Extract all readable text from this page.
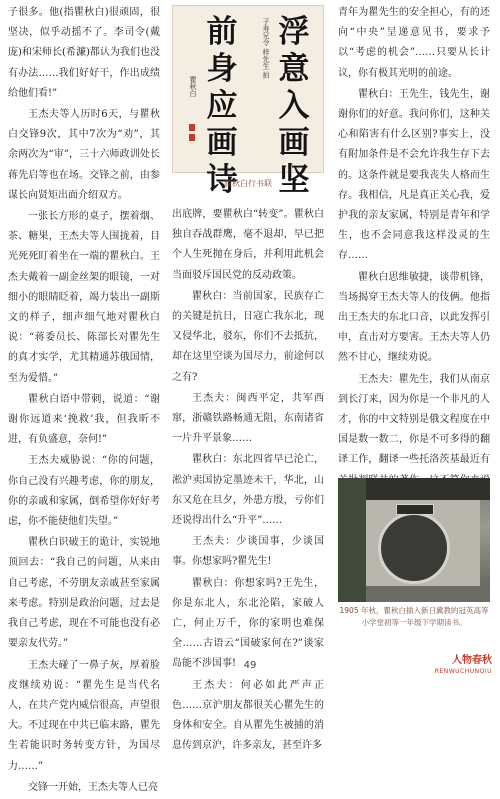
子很多。他(指瞿秋白)很顽固，很坚决，似乎动摇不了。李司令(戴庞)和宋师长(希濂)都认为我们也没有办法……我们好好干，作出成绩给他们看!”

王杰夫等人历时6天，与瞿秋白交锋9次，其中7次为“劝”，其余两次为“审”，三十六师政训处长蒋先启等也在场。交锋之前，由参谋长向贤矩出面介绍双方。

一张长方形的桌子，摆着烟、茶、糖果，王杰夫等人围拢着，目光死死盯着坐在一端的瞿秋白。王杰夫戴着一副金丝架的眼镜，一对细小的眼睛眨着，竭力装出一副斯文的样子，细声细气地对瞿秋白说：“蒋委员长、陈部长对瞿先生的真才实学，尤其精通苏俄国情，至为爱惜。”

瞿秋白语中带刺，说道：“谢谢你远道来‘挽救’我，但我昕不进，有负盛意，奈何!”

王杰夫威胁说：“你的问题，你自己没有兴趣考虑，你的朋友，你的亲戚和家属，倒希望你好好考虑，你不能使他们失望。”

瞿秋白识破王的诡计，实锐地顶回去：“我自己的问题，从来由自己考虑，不劳朋友亲戚甚至家属来考虑。特别是政治问题，过去是我自己考虑，现在不可能也没有必要亲友代劳。”

王杰夫碰了一鼻子灰，厚着脸皮继续劝说：“瞿先生是当代名人，在共产党内威信很高，声望很大。不过现在中共已临末路，瞿先生若能识时务转变方针，为国尽力……”

交锋一开始，王杰夫等人已亮

浮
意
入
画
坚
前
身
应
画
诗
子寿兄令 梓先生 拍
瞿秋白
瞿秋白行书联

出底牌，要瞿秋白“转变”。瞿秋白独自吞战群鹰，毫不退却，早已把个人生死抛在身后，并利用此机会当面驳斥国民党的反动政策。

瞿秋白：当前国家，民族存亡的关键是抗日，日寇亡我东北，现又侵华北，驳东，你们不去抵抗，却在这里空谈为国尽力，前途何以之有?

王杰夫：闽西平定，共军西窜，浙赣铁路畅通无阻，东南诸省一片升平景象……

瞿秋白：东北四省早已沦亡，淞沪卖国协定墨迹未干，华北，山东又危在旦夕，外患方殷，亏你们还说得出什么“升平”……

王杰夫：少谈国事，少谈国事。你想家吗?瞿先生!

瞿秋白：你想家吗?王先生，你是东北人，东北沦陷，家破人亡，何止万千，你的家明也难保全……古语云“国破家何在?”谈家岛能不涉国事!

王杰夫：何必如此严声正色……京沪朋友都很关心瞿先生的身体和安全。自从瞿先生被捕的消息传到京沪，许多亲友，甚至许多

青年为瞿先生的安全担心，有的还向“中央”呈递意见书，要求予以“考虑的机会”……只要从长计议，你有极其光明的前途。

瞿秋白：王先生，钱先生，谢谢你们的好意。我问你们，这种关心和陷害有什么区别?事实上，没有附加条件是不会允许我生存下去的。这条件就是要我丧失人格而生存。我相信，凡是真正关心我，爱护我的亲友家属，特别是青年和学生，也不会同意我这样没灵的生存……

瞿秋白思维敏捷，谈带机锋，当场揭穿王杰夫等人的伎俩。他指出王杰夫的东北口音，以此发挥引申，直击对方要害。王杰夫等人仍然不甘心，继续劝说。

王杰夫：瞿先生，我们从南京到长汀来，因为你是一个非凡的人才，你的中文特别是俄文程度在中国是数一数二，你是不可多得的翻译工作，翻译一些托洛茨基最近有

1905 年秋，瞿秋白插入新日冀教的冠英高等小学堂初等一年级下学期读书。
49	人物春秋
RENWUCHUNQIU
